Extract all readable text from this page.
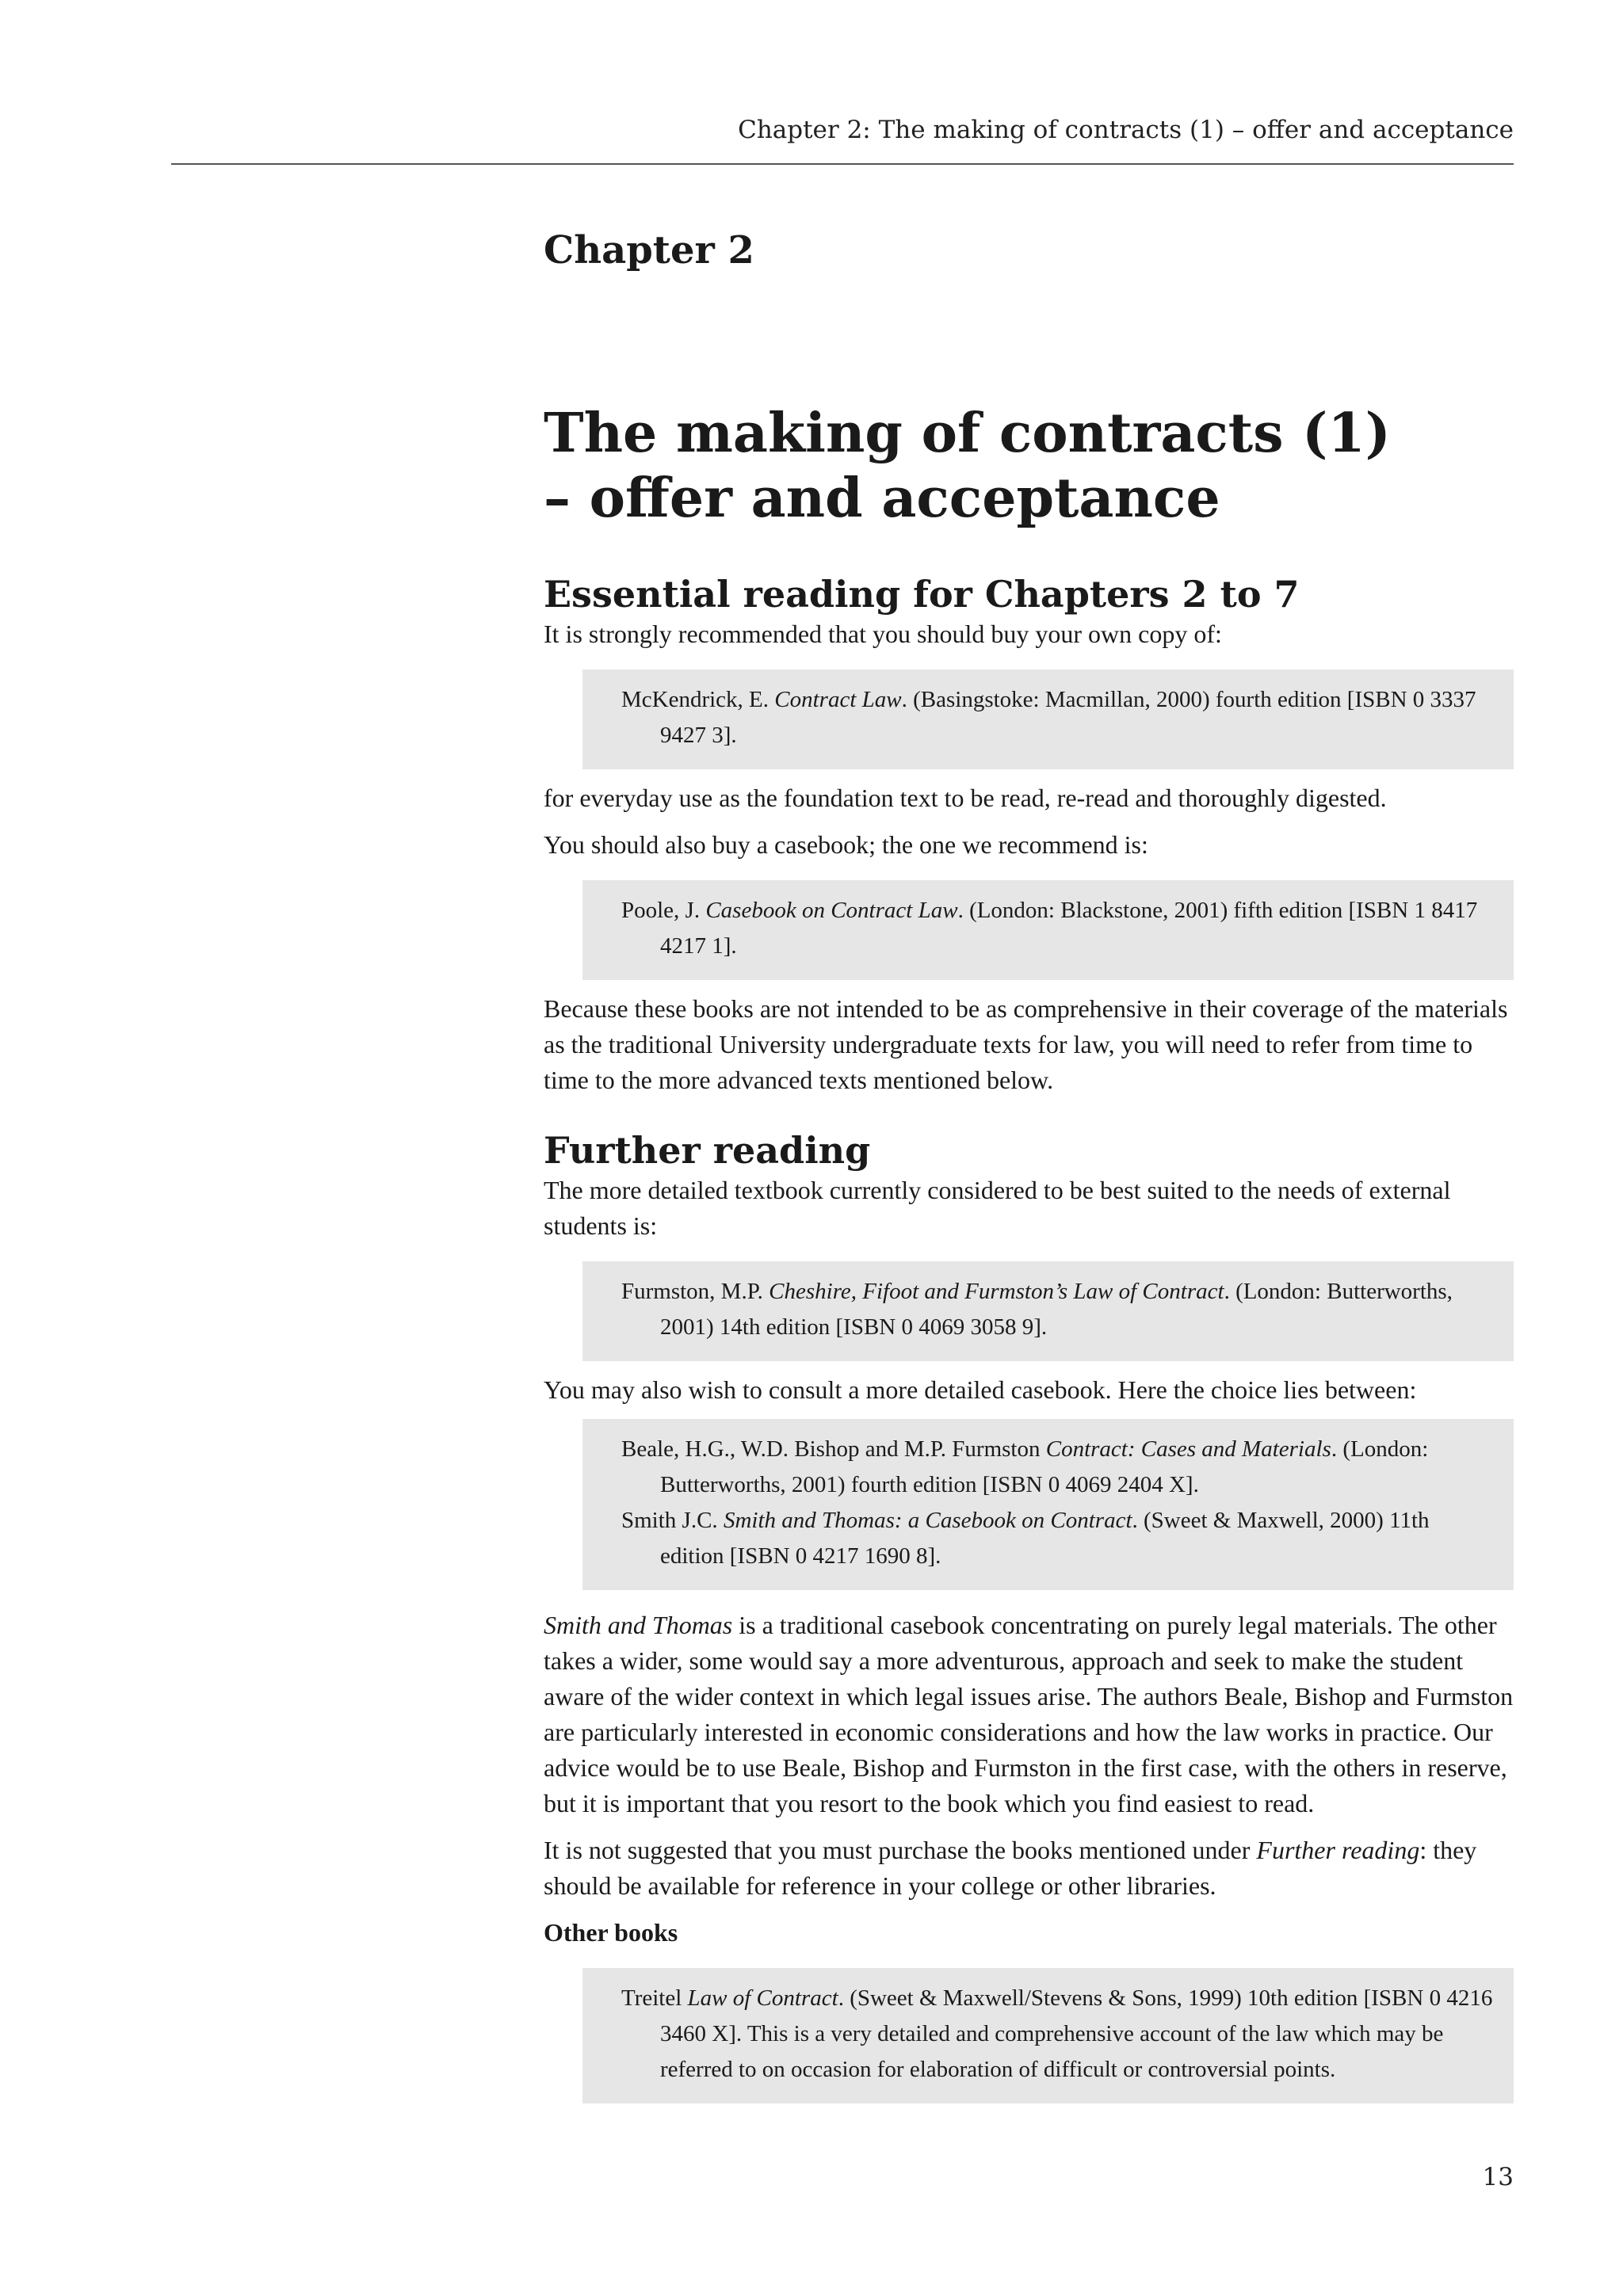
Chapter 2: The making of contracts (1) – offer and acceptance
Chapter 2
The making of contracts (1)
– offer and acceptance
Essential reading for Chapters 2 to 7

It is strongly recommended that you should buy your own copy of:

McKendrick, E. Contract Law. (Basingstoke: Macmillan, 2000) fourth edition [ISBN 0 3337 9427 3].

for everyday use as the foundation text to be read, re-read and thoroughly digested.

You should also buy a casebook; the one we recommend is:

Poole, J. Casebook on Contract Law. (London: Blackstone, 2001) fifth edition [ISBN 1 8417 4217 1].

Because these books are not intended to be as comprehensive in their coverage of the materials as the traditional University undergraduate texts for law, you will need to refer from time to time to the more advanced texts mentioned below.

Further reading

The more detailed textbook currently considered to be best suited to the needs of external students is:

Furmston, M.P. Cheshire, Fifoot and Furmston’s Law of Contract. (London: Butterworths, 2001) 14th edition [ISBN 0 4069 3058 9].

You may also wish to consult a more detailed casebook. Here the choice lies between:

Beale, H.G., W.D. Bishop and M.P. Furmston Contract: Cases and Materials. (London: Butterworths, 2001) fourth edition [ISBN 0 4069 2404 X].
Smith J.C. Smith and Thomas: a Casebook on Contract. (Sweet & Maxwell, 2000) 11th edition [ISBN 0 4217 1690 8].

Smith and Thomas is a traditional casebook concentrating on purely legal materials. The other takes a wider, some would say a more adventurous, approach and seek to make the student aware of the wider context in which legal issues arise. The authors Beale, Bishop and Furmston are particularly interested in economic considerations and how the law works in practice. Our advice would be to use Beale, Bishop and Furmston in the first case, with the others in reserve, but it is important that you resort to the book which you find easiest to read.

It is not suggested that you must purchase the books mentioned under Further reading: they should be available for reference in your college or other libraries.

Other books
Treitel Law of Contract. (Sweet & Maxwell/Stevens & Sons, 1999) 10th edition [ISBN 0 4216 3460 X]. This is a very detailed and comprehensive account of the law which may be referred to on occasion for elaboration of difficult or controversial points.
13
